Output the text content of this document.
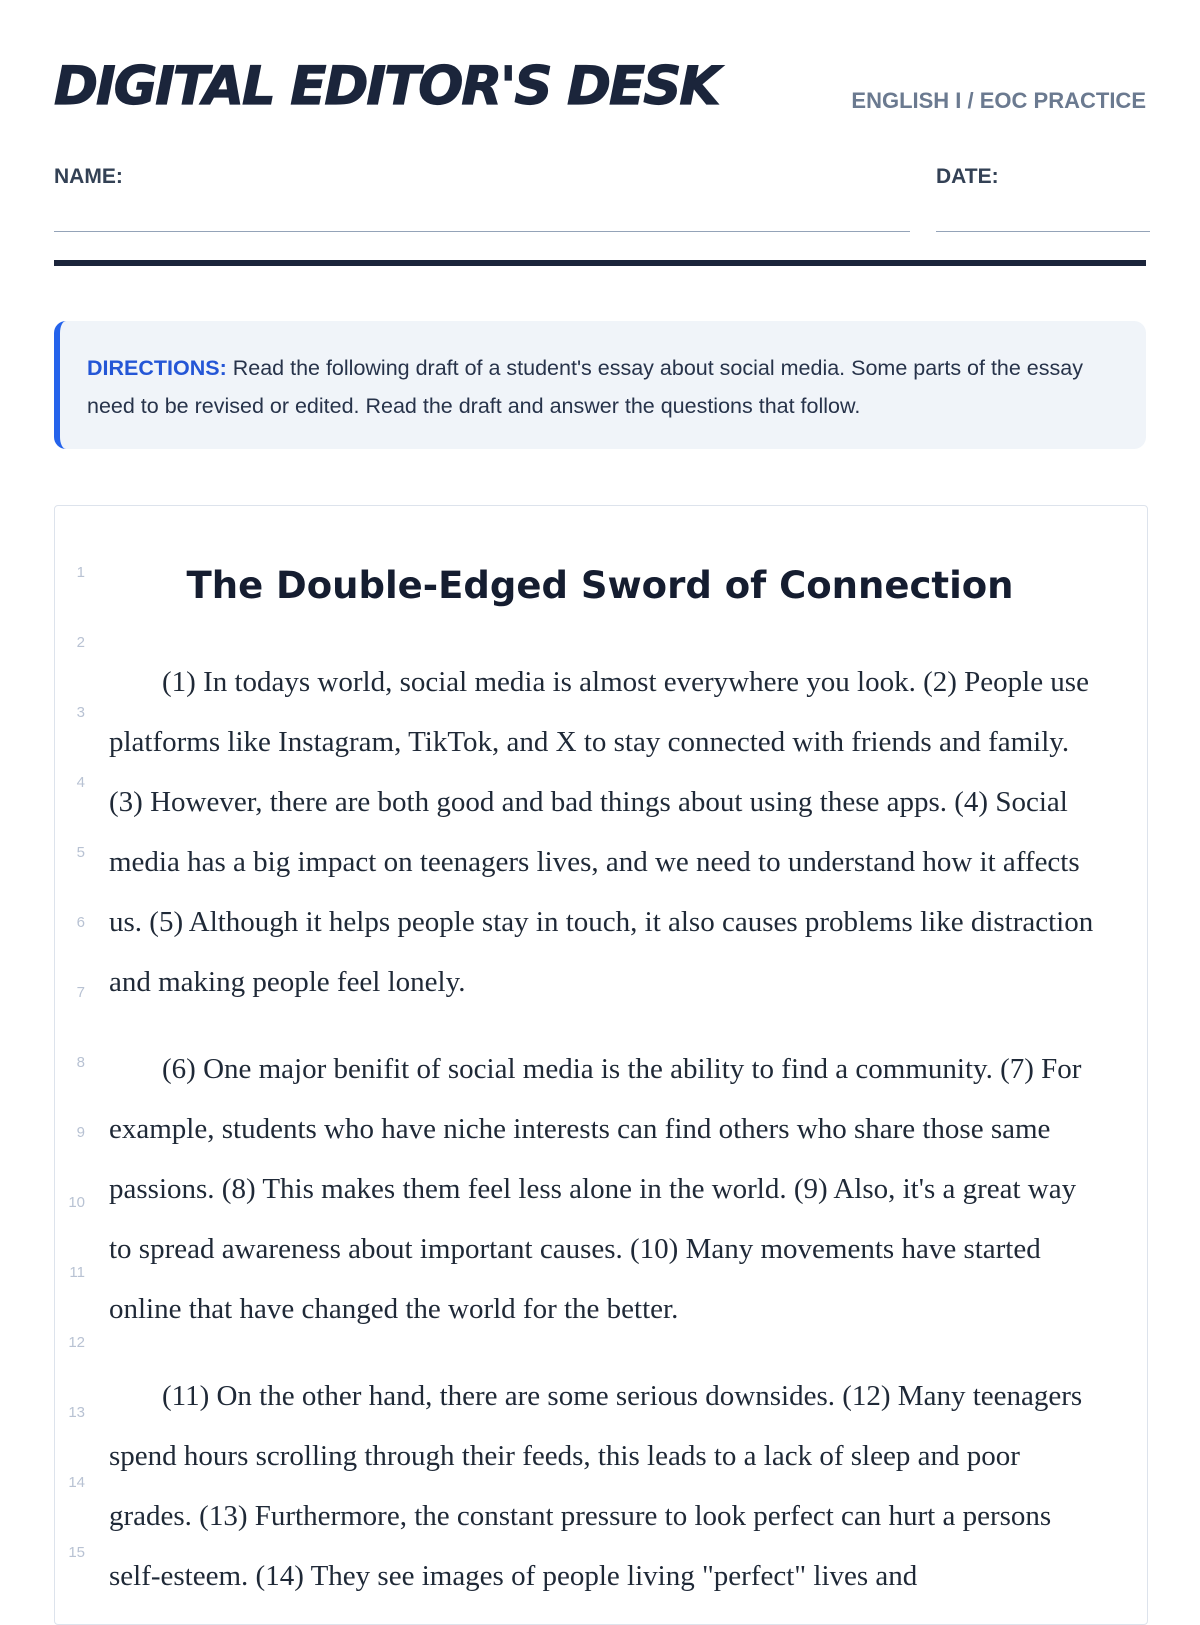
DIGITAL EDITOR'S DESK	ENGLISH I / EOC PRACTICE
NAME:	DATE:
DIRECTIONS: Read the following draft of a student's essay about social media. Some parts of the essay need to be revised or edited. Read the draft and answer the questions that follow.
1
2
3
4
5
6
7
8
9
10
11
12
13
14
15
The Double-Edged Sword of Connection

(1) In todays world, social media is almost everywhere you look. (2) People use platforms like Instagram, TikTok, and X to stay connected with friends and family. (3) However, there are both good and bad things about using these apps. (4) Social media has a big impact on teenagers lives, and we need to understand how it affects us. (5) Although it helps people stay in touch, it also causes problems like distraction and making people feel lonely.

(6) One major benifit of social media is the ability to find a community. (7) For example, students who have niche interests can find others who share those same passions. (8) This makes them feel less alone in the world. (9) Also, it's a great way to spread awareness about important causes. (10) Many movements have started online that have changed the world for the better.

(11) On the other hand, there are some serious downsides. (12) Many teenagers spend hours scrolling through their feeds, this leads to a lack of sleep and poor grades. (13) Furthermore, the constant pressure to look perfect can hurt a persons self-esteem. (14) They see images of people living "perfect" lives and
